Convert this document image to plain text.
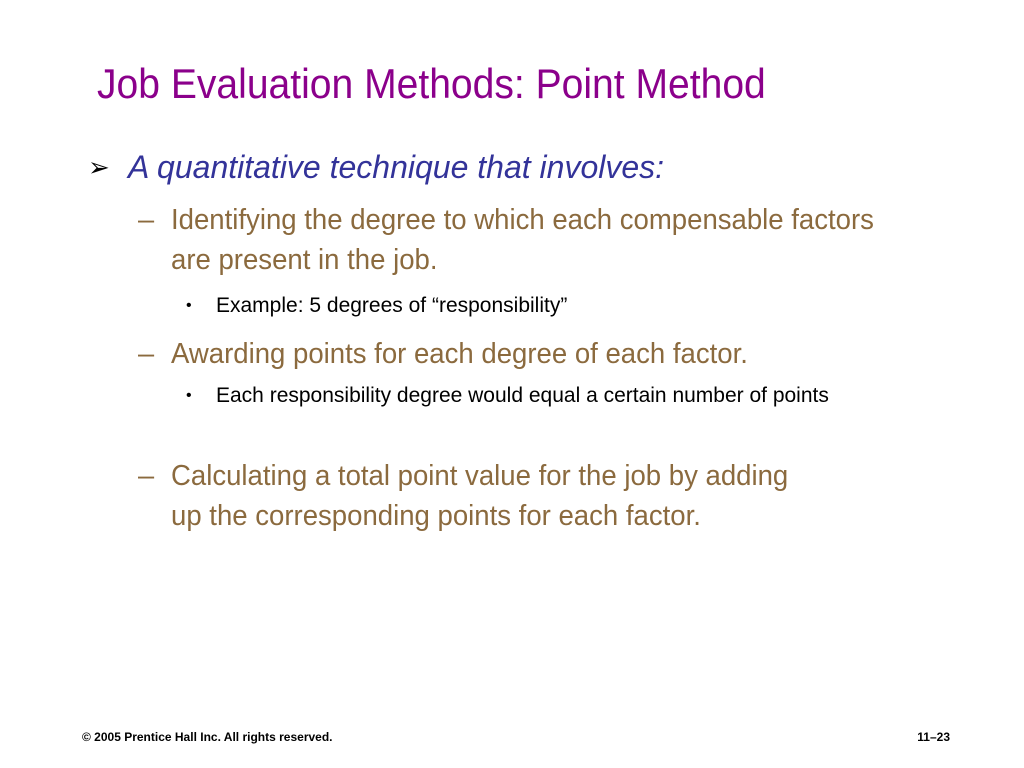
Job Evaluation Methods: Point Method
➢ A quantitative technique that involves:
– Identifying the degree to which each compensable factors are present in the job.
• Example: 5 degrees of “responsibility”
– Awarding points for each degree of each factor.
• Each responsibility degree would equal a certain number of points
– Calculating a total point value for the job by adding up the corresponding points for each factor.
© 2005 Prentice Hall Inc. All rights reserved.	11–23
